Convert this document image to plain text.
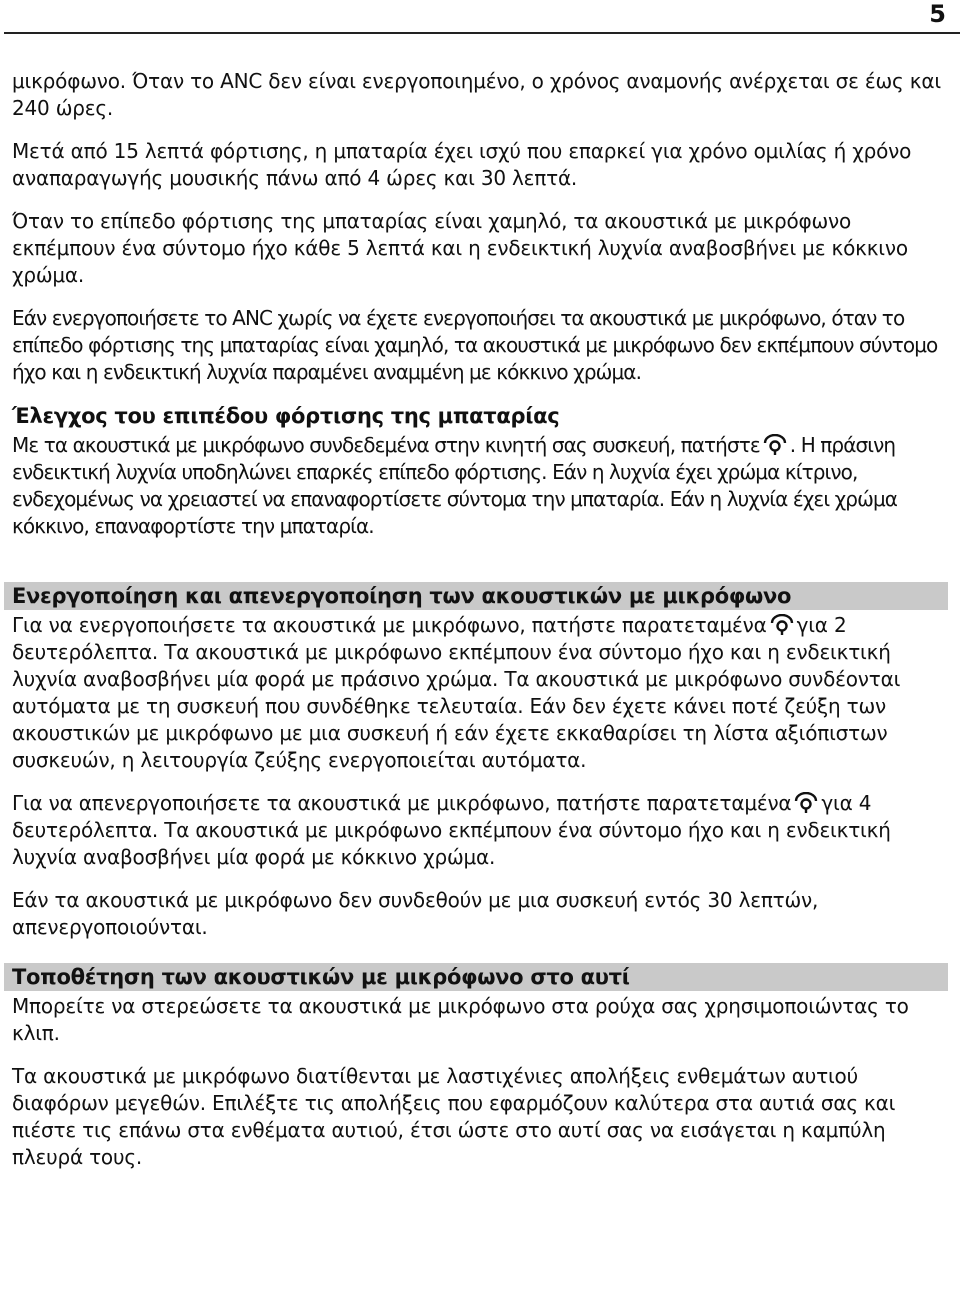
5

μικρόφωνο. Όταν το ANC δεν είναι ενεργοποιημένο, ο χρόνος αναμονής ανέρχεται σε έως και 240 ώρες.

Μετά από 15 λεπτά φόρτισης, η μπαταρία έχει ισχύ που επαρκεί για χρόνο ομιλίας ή χρόνο αναπαραγωγής μουσικής πάνω από 4 ώρες και 30 λεπτά.

Όταν το επίπεδο φόρτισης της μπαταρίας είναι χαμηλό, τα ακουστικά με μικρόφωνο εκπέμπουν ένα σύντομο ήχο κάθε 5 λεπτά και η ενδεικτική λυχνία αναβοσβήνει με κόκκινο χρώμα.

Εάν ενεργοποιήσετε το ANC χωρίς να έχετε ενεργοποιήσει τα ακουστικά με μικρόφωνο, όταν το επίπεδο φόρτισης της μπαταρίας είναι χαμηλό, τα ακουστικά με μικρόφωνο δεν εκπέμπουν σύντομο ήχο και η ενδεικτική λυχνία παραμένει αναμμένη με κόκκινο χρώμα.

Έλεγχος του επιπέδου φόρτισης της μπαταρίας

Με τα ακουστικά με μικρόφωνο συνδεδεμένα στην κινητή σας συσκευή, πατήστε . Η πράσινη ενδεικτική λυχνία υποδηλώνει επαρκές επίπεδο φόρτισης. Εάν η λυχνία έχει χρώμα κίτρινο, ενδεχομένως να χρειαστεί να επαναφορτίσετε σύντομα την μπαταρία. Εάν η λυχνία έχει χρώμα κόκκινο, επαναφορτίστε την μπαταρία.

Ενεργοποίηση και απενεργοποίηση των ακουστικών με μικρόφωνο

Για να ενεργοποιήσετε τα ακουστικά με μικρόφωνο, πατήστε παρατεταμένα για 2 δευτερόλεπτα. Τα ακουστικά με μικρόφωνο εκπέμπουν ένα σύντομο ήχο και η ενδεικτική λυχνία αναβοσβήνει μία φορά με πράσινο χρώμα. Τα ακουστικά με μικρόφωνο συνδέονται αυτόματα με τη συσκευή που συνδέθηκε τελευταία. Εάν δεν έχετε κάνει ποτέ ζεύξη των ακουστικών με μικρόφωνο με μια συσκευή ή εάν έχετε εκκαθαρίσει τη λίστα αξιόπιστων συσκευών, η λειτουργία ζεύξης ενεργοποιείται αυτόματα.

Για να απενεργοποιήσετε τα ακουστικά με μικρόφωνο, πατήστε παρατεταμένα για 4 δευτερόλεπτα. Τα ακουστικά με μικρόφωνο εκπέμπουν ένα σύντομο ήχο και η ενδεικτική λυχνία αναβοσβήνει μία φορά με κόκκινο χρώμα.

Εάν τα ακουστικά με μικρόφωνο δεν συνδεθούν με μια συσκευή εντός 30 λεπτών, απενεργοποιούνται.

Τοποθέτηση των ακουστικών με μικρόφωνο στο αυτί

Μπορείτε να στερεώσετε τα ακουστικά με μικρόφωνο στα ρούχα σας χρησιμοποιώντας το κλιπ.

Τα ακουστικά με μικρόφωνο διατίθενται με λαστιχένιες απολήξεις ενθεμάτων αυτιού διαφόρων μεγεθών. Επιλέξτε τις απολήξεις που εφαρμόζουν καλύτερα στα αυτιά σας και πιέστε τις επάνω στα ενθέματα αυτιού, έτσι ώστε στο αυτί σας να εισάγεται η καμπύλη πλευρά τους.
